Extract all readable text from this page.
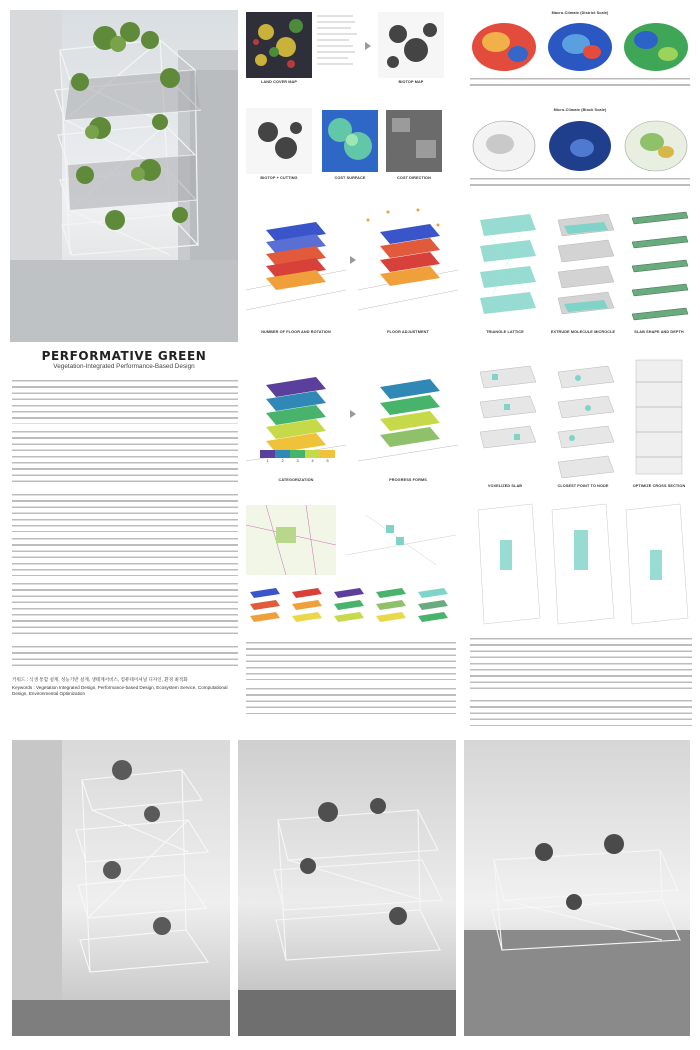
LAND COVER MAP	BIOTOP MAP
BIOTOP + CUTTING	COST SURFACE	COST DIRECTION
Macro-Climate (District Scale)
Micro-Climate (Block Scale)
NUMBER OF FLOOR AND ROTATION	FLOOR ADJUSTMENT	TRIANGLE LATTICE	EXTRUDE MOLECULE MICROCLE	SLAB SHAPE AND DEPTH
PERFORMATIVE GREEN
Vegetation-Integrated Performance-Based Design
키워드 : 식생 통합 설계, 성능기반 설계, 생태계서비스, 컴퓨테이셔널 디자인, 환경 최적화
Keywords : Vegetation Integrated Design, Performance-based Design, Ecosystem Service, Computational Design, Environmental Optimization
1	2	3	4	5
CATEGORIZATION	PROGRESS FORMS
VOXELIZED SLAB	CLOSEST POINT TO NODE	OPTIMIZE CROSS SECTION
